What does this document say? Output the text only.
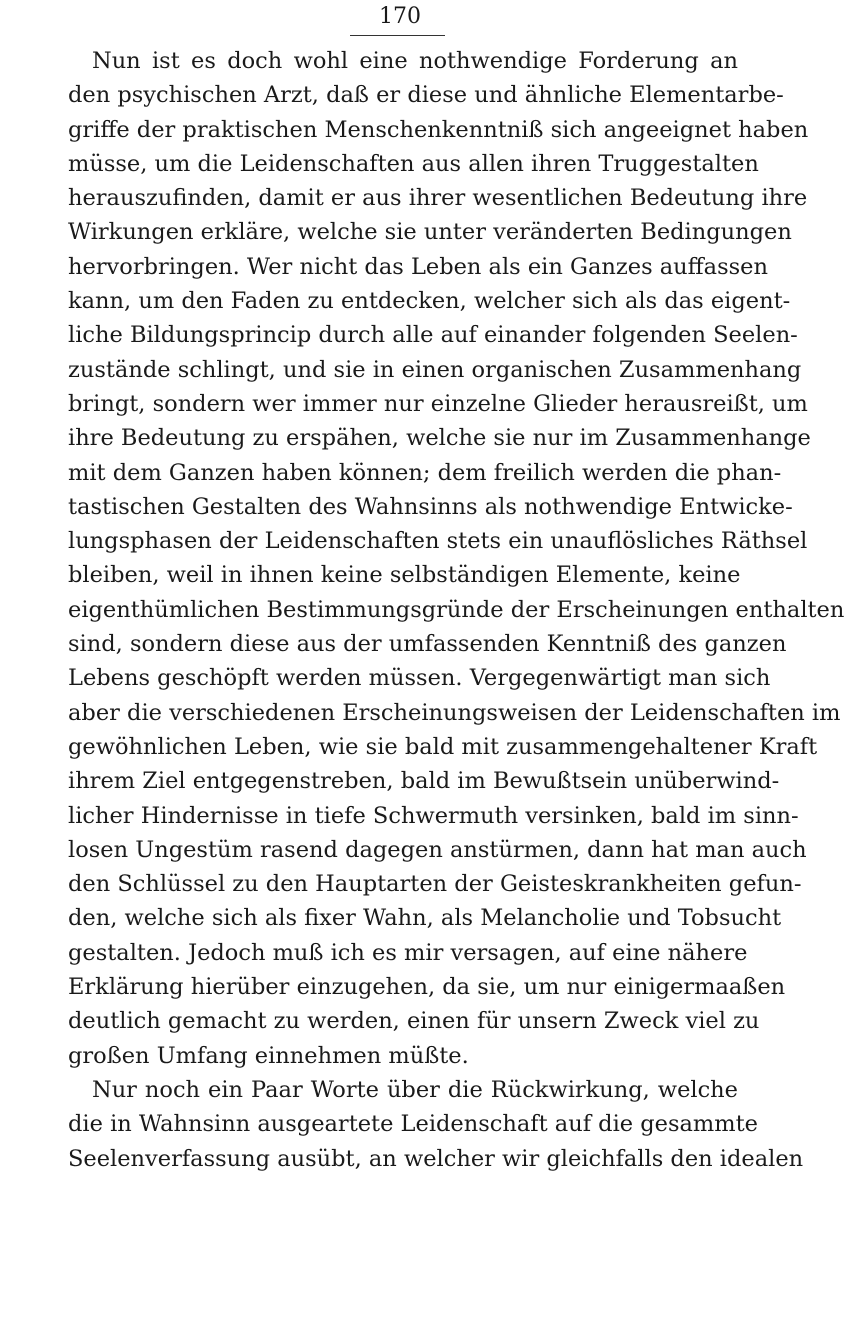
170
Nun ist es doch wohl eine nothwendige Forderung an
den psychischen Arzt, daß er diese und ähnliche Elementarbe-
griffe der praktischen Menschenkenntniß sich angeeignet haben
müsse, um die Leidenschaften aus allen ihren Truggestalten
herauszufinden, damit er aus ihrer wesentlichen Bedeutung ihre
Wirkungen erkläre, welche sie unter veränderten Bedingungen
hervorbringen. Wer nicht das Leben als ein Ganzes auffassen
kann, um den Faden zu entdecken, welcher sich als das eigent-
liche Bildungsprincip durch alle auf einander folgenden Seelen-
zustände schlingt, und sie in einen organischen Zusammenhang
bringt, sondern wer immer nur einzelne Glieder herausreißt, um
ihre Bedeutung zu erspähen, welche sie nur im Zusammenhange
mit dem Ganzen haben können; dem freilich werden die phan-
tastischen Gestalten des Wahnsinns als nothwendige Entwicke-
lungsphasen der Leidenschaften stets ein unauflösliches Räthsel
bleiben, weil in ihnen keine selbständigen Elemente, keine
eigenthümlichen Bestimmungsgründe der Erscheinungen enthalten
sind, sondern diese aus der umfassenden Kenntniß des ganzen
Lebens geschöpft werden müssen. Vergegenwärtigt man sich
aber die verschiedenen Erscheinungsweisen der Leidenschaften im
gewöhnlichen Leben, wie sie bald mit zusammengehaltener Kraft
ihrem Ziel entgegenstreben, bald im Bewußtsein unüberwind-
licher Hindernisse in tiefe Schwermuth versinken, bald im sinn-
losen Ungestüm rasend dagegen anstürmen, dann hat man auch
den Schlüssel zu den Hauptarten der Geisteskrankheiten gefun-
den, welche sich als fixer Wahn, als Melancholie und Tobsucht
gestalten. Jedoch muß ich es mir versagen, auf eine nähere
Erklärung hierüber einzugehen, da sie, um nur einigermaaßen
deutlich gemacht zu werden, einen für unsern Zweck viel zu
großen Umfang einnehmen müßte.
Nur noch ein Paar Worte über die Rückwirkung, welche
die in Wahnsinn ausgeartete Leidenschaft auf die gesammte
Seelenverfassung ausübt, an welcher wir gleichfalls den idealen
